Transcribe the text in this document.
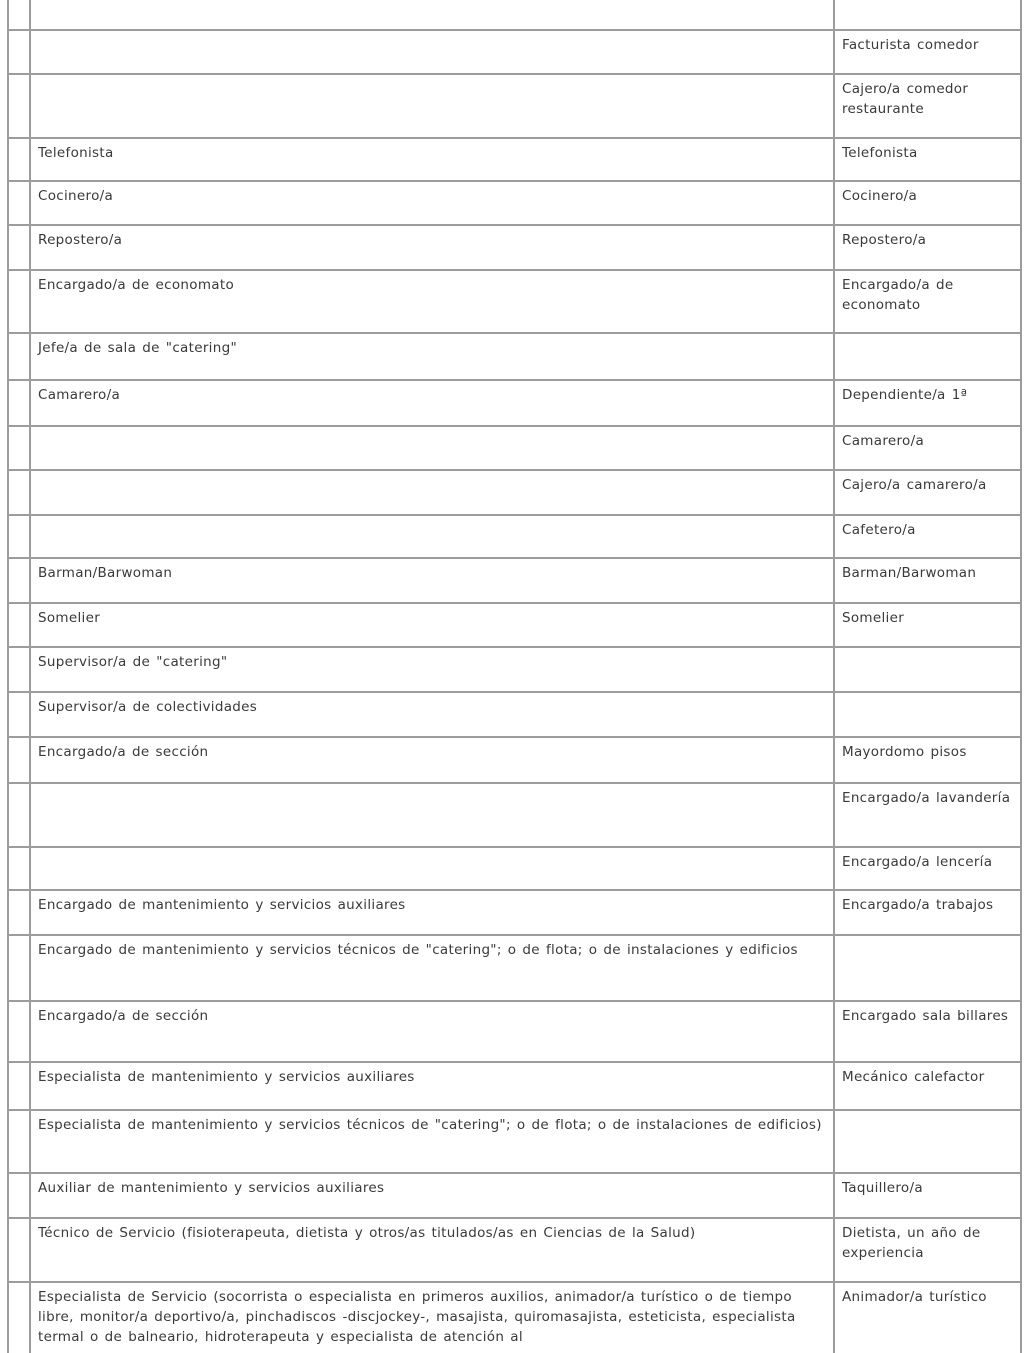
		Facturista comedor
		Cajero/a comedor restaurante
	Telefonista	Telefonista
	Cocinero/a	Cocinero/a
	Repostero/a	Repostero/a
	Encargado/a de economato	Encargado/a de economato
	Jefe/a de sala de "catering"	
	Camarero/a	Dependiente/a 1ª
		Camarero/a
		Cajero/a camarero/a
		Cafetero/a
	Barman/Barwoman	Barman/Barwoman
	Somelier	Somelier
	Supervisor/a de "catering"	
	Supervisor/a de colectividades	
	Encargado/a de sección	Mayordomo pisos
		Encargado/a lavandería
		Encargado/a lencería
	Encargado de mantenimiento y servicios auxiliares	Encargado/a trabajos
	Encargado de mantenimiento y servicios técnicos de "catering"; o de flota; o de instalaciones y edificios	
	Encargado/a de sección	Encargado sala billares
	Especialista de mantenimiento y servicios auxiliares	Mecánico calefactor
	Especialista de mantenimiento y servicios técnicos de "catering"; o de flota; o de instalaciones de edificios)	
	Auxiliar de mantenimiento y servicios auxiliares	Taquillero/a
	Técnico de Servicio (fisioterapeuta, dietista y otros/as titulados/as en Ciencias de la Salud)	Dietista, un año de experiencia
	Especialista de Servicio (socorrista o especialista en primeros auxilios, animador/a turístico o de tiempo libre, monitor/a deportivo/a, pinchadiscos -discjockey-, masajista, quiromasajista, esteticista, especialista termal o de balneario, hidroterapeuta y especialista de atención al	Animador/a turístico
